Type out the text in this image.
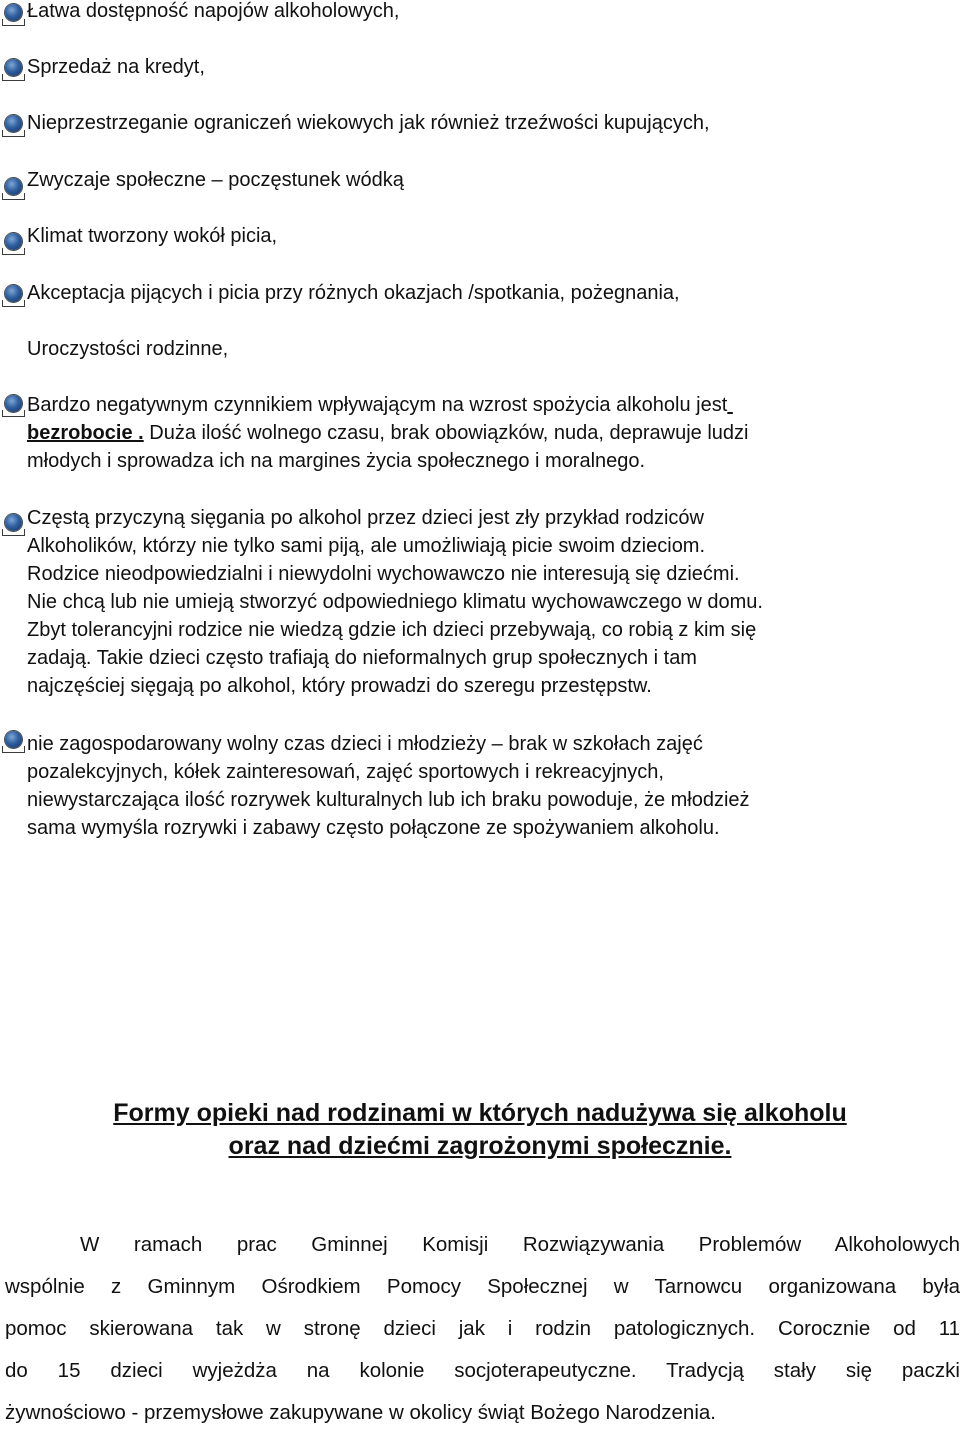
Łatwa dostępność napojów alkoholowych,
Sprzedaż na kredyt,
Nieprzestrzeganie ograniczeń wiekowych jak również trzeźwości kupujących,
Zwyczaje społeczne – poczęstunek wódką
Klimat tworzony wokół picia,
Akceptacja pijących i picia przy różnych okazjach /spotkania, pożegnania,
Uroczystości rodzinne,
Bardzo negatywnym czynnikiem wpływającym na wzrost spożycia alkoholu jest
bezrobocie . Duża ilość wolnego czasu, brak obowiązków, nuda, deprawuje ludzi
młodych i sprowadza ich na margines życia społecznego i moralnego.
Częstą przyczyną sięgania po alkohol przez dzieci jest zły przykład rodziców
Alkoholików, którzy nie tylko sami piją, ale umożliwiają picie swoim dzieciom.
Rodzice nieodpowiedzialni i niewydolni wychowawczo nie interesują się dziećmi.
Nie chcą lub nie umieją stworzyć odpowiedniego klimatu wychowawczego w domu.
Zbyt tolerancyjni rodzice nie wiedzą gdzie ich dzieci przebywają, co robią z kim się
zadają. Takie dzieci często trafiają do nieformalnych grup społecznych i tam
najczęściej sięgają po alkohol, który prowadzi do szeregu przestępstw.
nie zagospodarowany wolny czas dzieci i młodzieży – brak w szkołach zajęć
pozalekcyjnych, kółek zainteresowań, zajęć sportowych i rekreacyjnych,
niewystarczająca ilość rozrywek kulturalnych lub ich braku powoduje, że młodzież
sama wymyśla rozrywki i zabawy często połączone ze spożywaniem alkoholu.
Formy opieki nad rodzinami w których nadużywa się alkoholu
oraz nad dziećmi zagrożonymi społecznie.
W ramach prac Gminnej Komisji Rozwiązywania Problemów Alkoholowych
wspólnie z Gminnym Ośrodkiem Pomocy Społecznej w Tarnowcu organizowana była
pomoc skierowana tak w stronę dzieci jak i rodzin patologicznych. Corocznie od 11
do 15 dzieci wyjeżdża na kolonie socjoterapeutyczne. Tradycją stały się paczki
żywnościowo - przemysłowe zakupywane w okolicy świąt Bożego Narodzenia.
